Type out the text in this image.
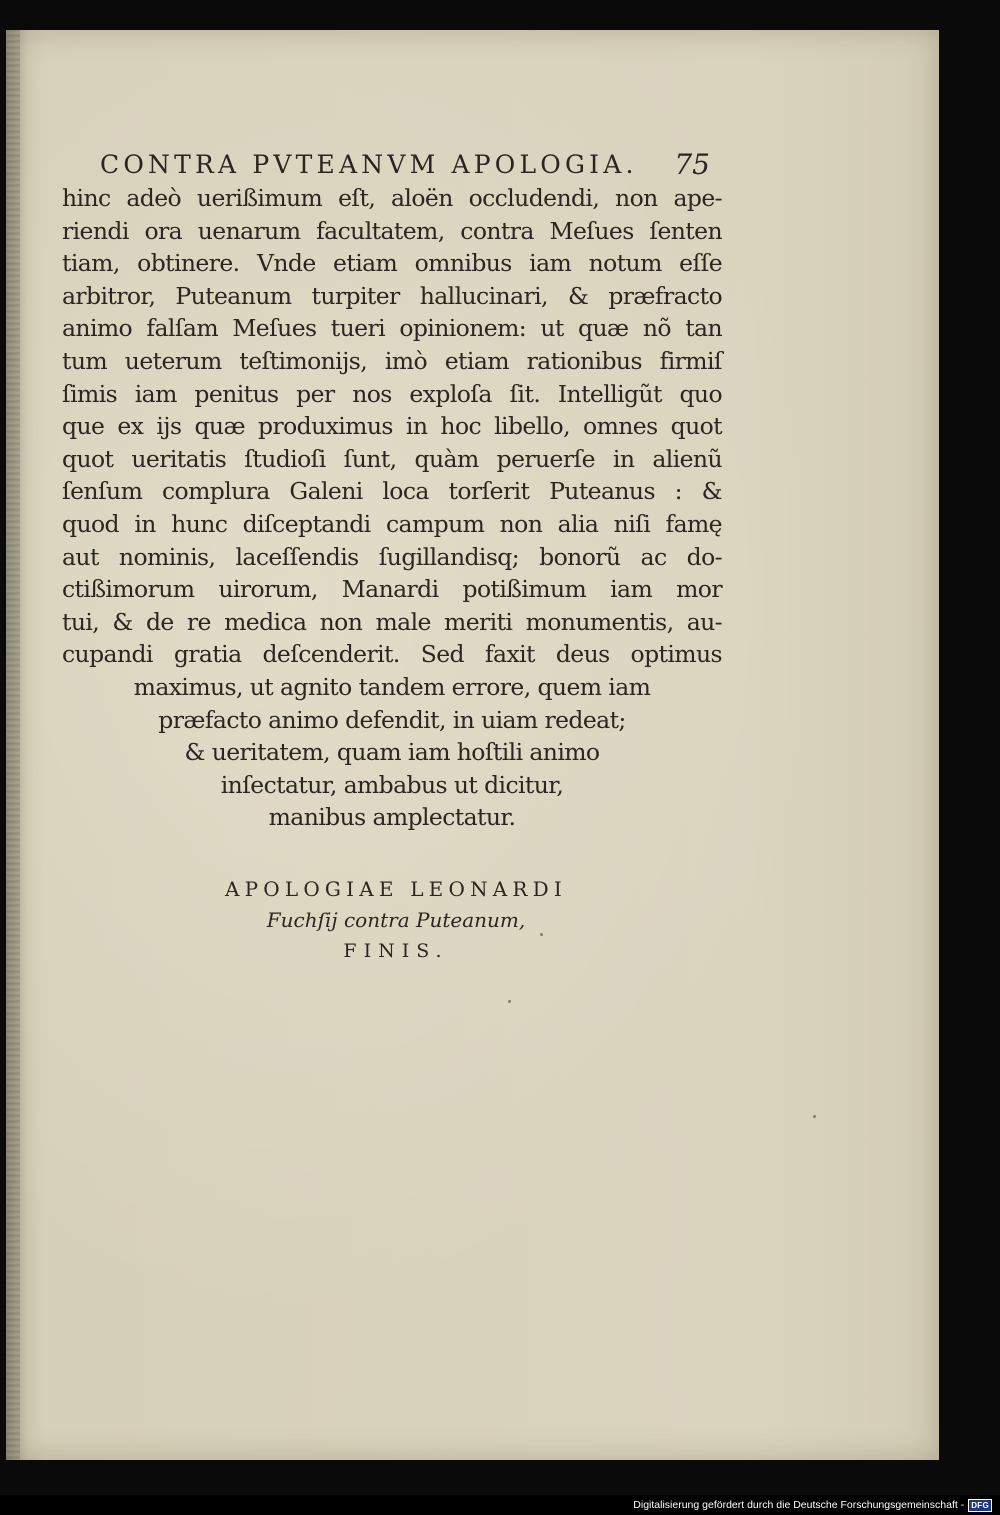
CONTRA PVTEANVM APOLOGIA. 75
hinc adeò uerißimum eſt, aloën occludendi, non ape-
riendi ora uenarum facultatem, contra Meſues ſenten
tiam, obtinere. Vnde etiam omnibus iam notum eſſe
arbitror, Puteanum turpiter hallucinari, & præfracto
animo falſam Meſues tueri opinionem: ut quæ nõ tan
tum ueterum teſtimonijs, imò etiam rationibus firmiſ
ſimis iam penitus per nos exploſa ſit. Intelligũt quo
que ex ijs quæ produximus in hoc libello, omnes quot
quot ueritatis ſtudioſi ſunt, quàm peruerſe in alienũ
ſenſum complura Galeni loca torſerit Puteanus : &
quod in hunc diſceptandi campum non alia niſi famę
aut nominis, laceſſendis ſugillandisq; bonorũ ac do-
ctißimorum uirorum, Manardi potißimum iam mor
tui, & de re medica non male meriti monumentis, au-
cupandi gratia deſcenderit. Sed faxit deus optimus
maximus, ut agnito tandem errore, quem iam
præfacto animo defendit, in uiam redeat;
& ueritatem, quam iam hoſtili animo
inſectatur, ambabus ut dicitur,
manibus amplectatur.
APOLOGIAE LEONARDI
Fuchſij contra Puteanum,
FINIS.
Digitalisierung gefördert durch die Deutsche Forschungsgemeinschaft - DFG
